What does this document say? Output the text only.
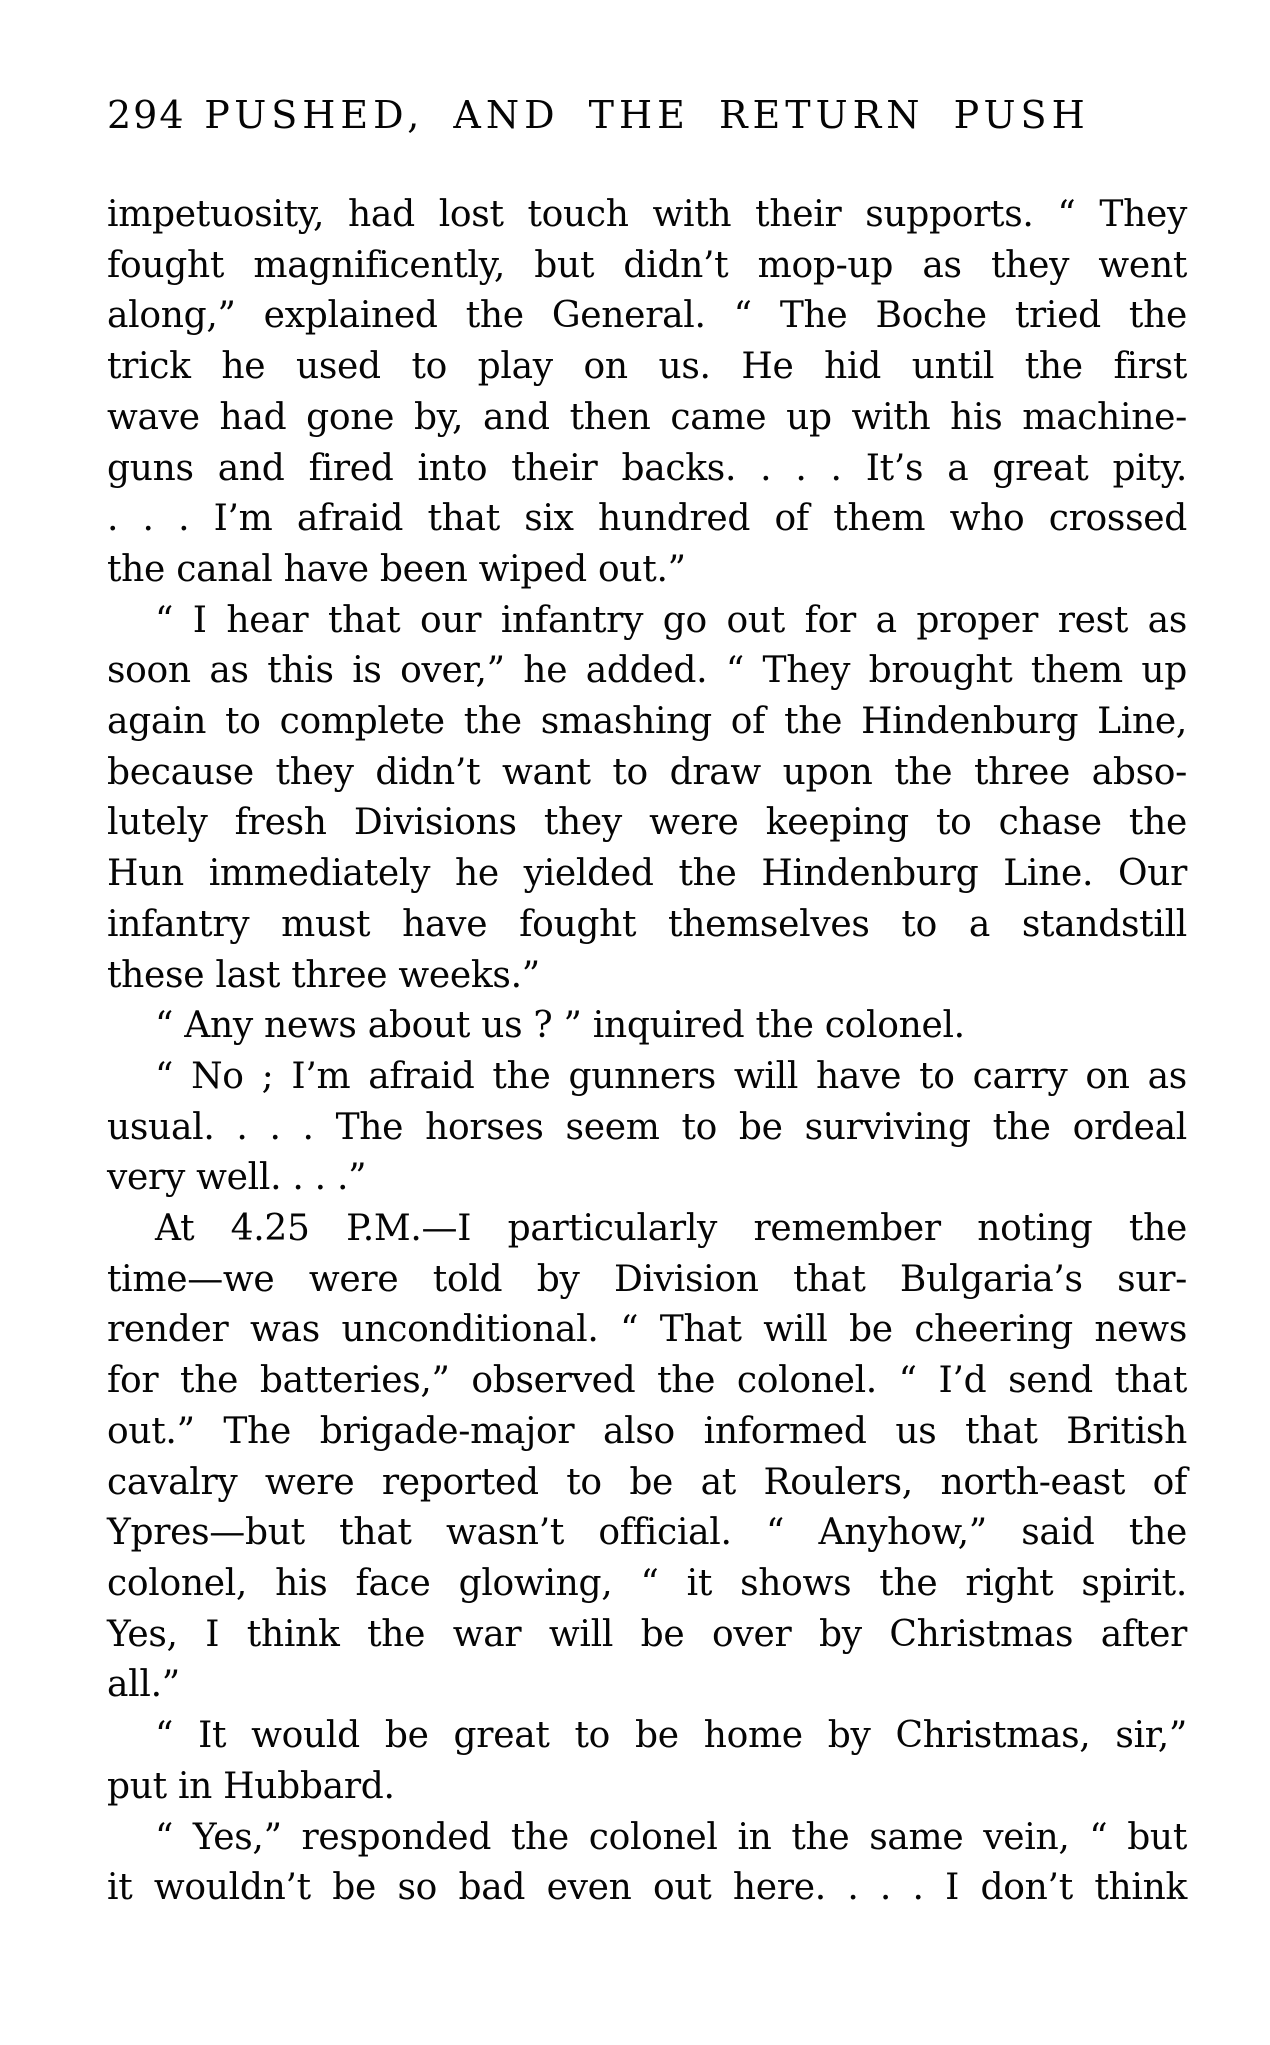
294 PUSHED, AND THE RETURN PUSH
impetuosity, had lost touch with their supports. “ They
fought magnificently, but didn’t mop-up as they went
along,” explained the General. “ The Boche tried the
trick he used to play on us. He hid until the first
wave had gone by, and then came up with his machine-
guns and fired into their backs. . . . It’s a great pity.
. . . I’m afraid that six hundred of them who crossed
the canal have been wiped out.”
“ I hear that our infantry go out for a proper rest as
soon as this is over,” he added. “ They brought them up
again to complete the smashing of the Hindenburg Line,
because they didn’t want to draw upon the three abso-
lutely fresh Divisions they were keeping to chase the
Hun immediately he yielded the Hindenburg Line. Our
infantry must have fought themselves to a standstill
these last three weeks.”
“ Any news about us ? ” inquired the colonel.
“ No ; I’m afraid the gunners will have to carry on as
usual. . . . The horses seem to be surviving the ordeal
very well. . . .”
At 4.25 P.M.—I particularly remember noting the
time—we were told by Division that Bulgaria’s sur-
render was unconditional. “ That will be cheering news
for the batteries,” observed the colonel. “ I’d send that
out.” The brigade-major also informed us that British
cavalry were reported to be at Roulers, north-east of
Ypres—but that wasn’t official. “ Anyhow,” said the
colonel, his face glowing, “ it shows the right spirit.
Yes, I think the war will be over by Christmas after
all.”
“ It would be great to be home by Christmas, sir,”
put in Hubbard.
“ Yes,” responded the colonel in the same vein, “ but
it wouldn’t be so bad even out here. . . . I don’t think
